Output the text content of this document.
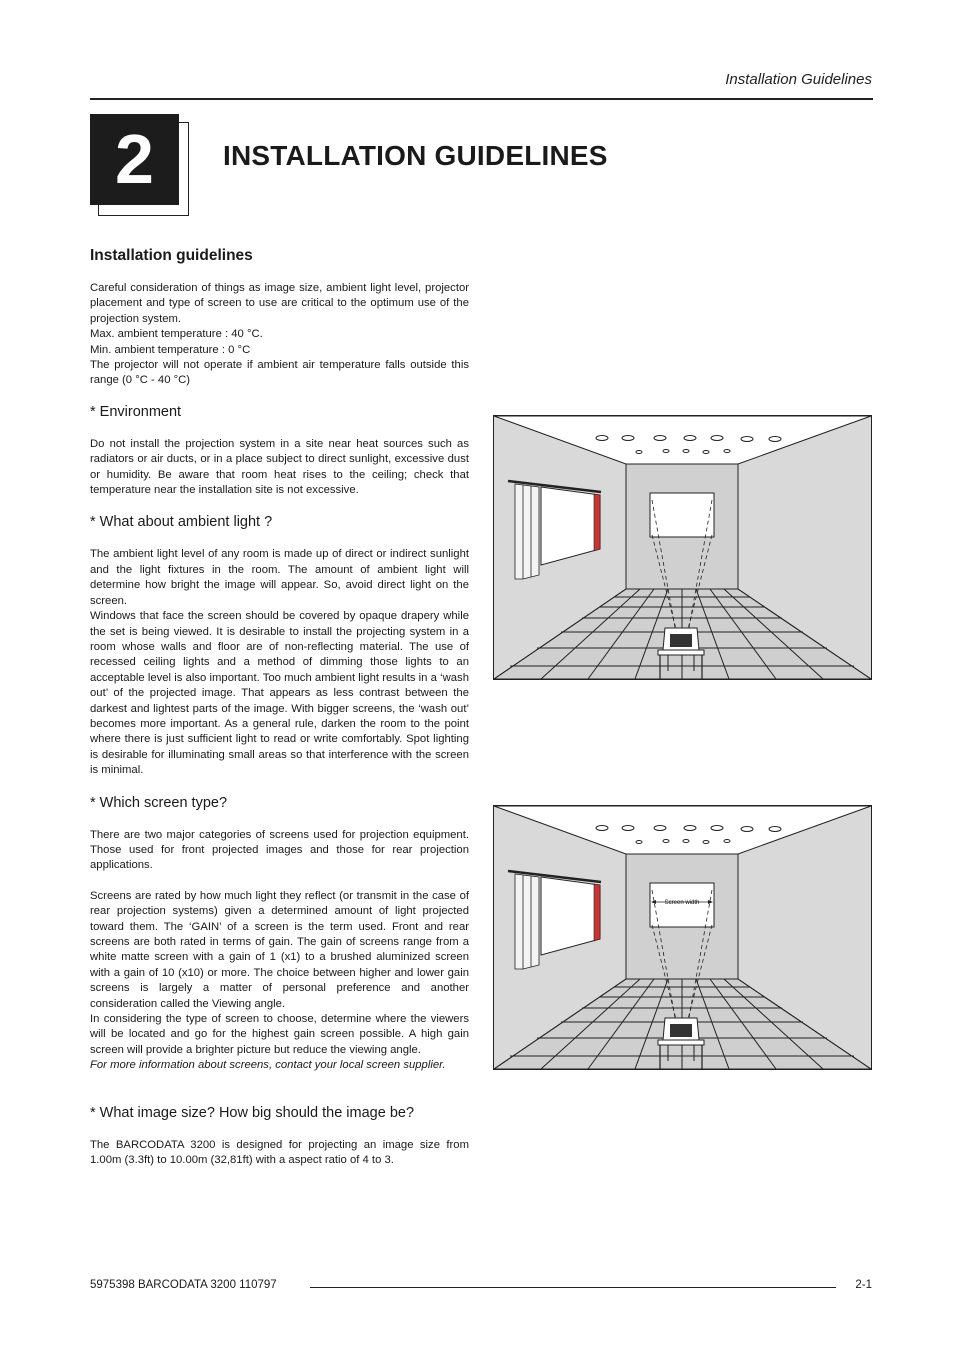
Installation Guidelines
2	INSTALLATION GUIDELINES
Installation guidelines

Careful consideration of things as image size, ambient light level, projector placement and type of screen to use are critical to the optimum use of the projection system.

Max. ambient temperature : 40 °C.

Min. ambient temperature : 0 °C

The projector will not operate if ambient air temperature falls outside this range (0 °C - 40 °C)

* Environment
Do not install the projection system in a site near heat sources such as radiators or air ducts, or in a place subject to direct sunlight, excessive dust or humidity. Be aware that room heat rises to the ceiling; check that temperature near the installation site is not excessive.
* What about ambient light ?

The ambient light level of any room is made up of direct or indirect sunlight and the light fixtures in the room. The amount of ambient light will determine how bright the image will appear. So, avoid direct light on the screen.

Windows that face the screen should be covered by opaque drapery while the set is being viewed. It is desirable to install the projecting system in a room whose walls and floor are of non-reflecting material. The use of recessed ceiling lights and a method of dimming those lights to an acceptable level is also important. Too much ambient light results in a ‘wash out’ of the projected image. That appears as less contrast between the darkest and lightest parts of the image. With bigger screens, the ‘wash out’ becomes more important. As a general rule, darken the room to the point where there is just sufficient light to read or write comfortably. Spot lighting is desirable for illuminating small areas so that interference with the screen is minimal.

* Which screen type?

There are two major categories of screens used for projection equipment. Those used for front projected images and those for rear projection applications.

Screens are rated by how much light they reflect (or transmit in the case of rear projection systems) given a determined amount of light projected toward them. The ‘GAIN’ of a screen is the term used. Front and rear screens are both rated in terms of gain. The gain of screens range from a white matte screen with a gain of 1 (x1) to a brushed aluminized screen with a gain of 10 (x10) or more. The choice between higher and lower gain screens is largely a matter of personal preference and another consideration called the Viewing angle.

In considering the type of screen to choose, determine where the viewers will be located and go for the highest gain screen possible. A high gain screen will provide a brighter picture but reduce the viewing angle.

For more information about screens, contact your local screen supplier.

* What image size? How big should the image be?
The BARCODATA 3200 is designed for projecting an image size from 1.00m (3.3ft) to 10.00m (32,81ft) with a aspect ratio of 4 to 3.
Screen width
5975398 BARCODATA 3200 110797	2-1
